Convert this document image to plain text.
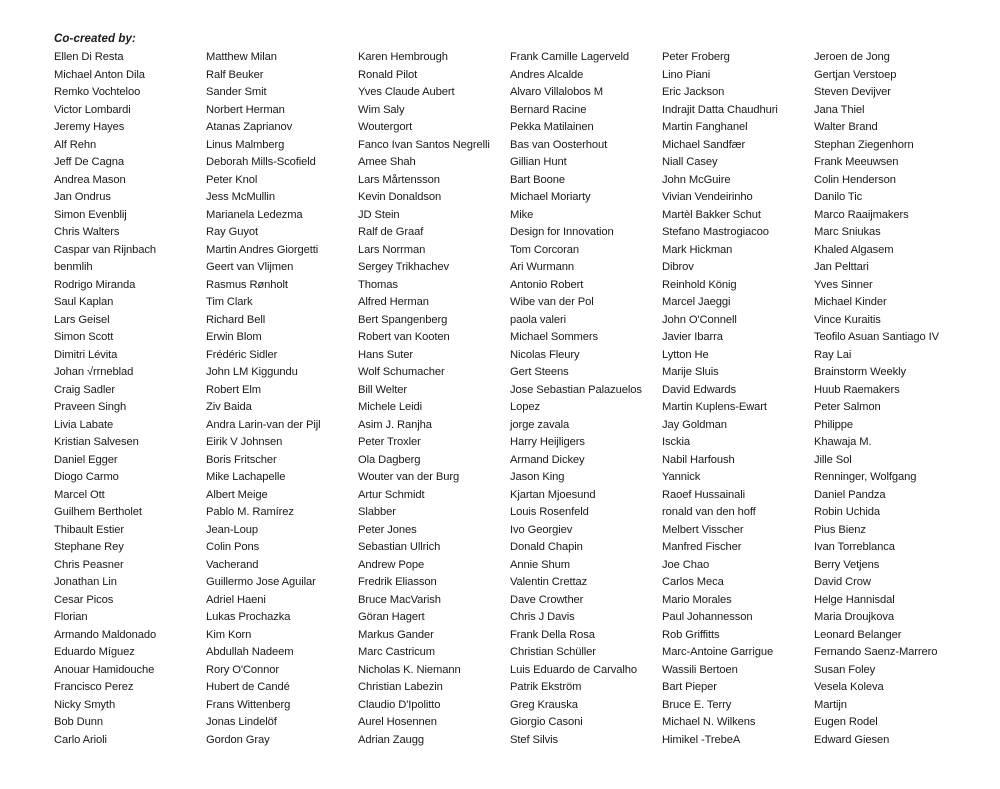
Co-created by:
Ellen Di Resta
Michael Anton Dila
Remko Vochteloo
Victor Lombardi
Jeremy Hayes
Alf Rehn
Jeff De Cagna
Andrea Mason
Jan Ondrus
Simon Evenblij
Chris Walters
Caspar van Rijnbach
benmlih
Rodrigo Miranda
Saul Kaplan
Lars Geisel
Simon Scott
Dimitri Lévita
Johan √rrneblad
Craig Sadler
Praveen Singh
Livia Labate
Kristian Salvesen
Daniel Egger
Diogo Carmo
Marcel Ott
Guilhem Bertholet
Thibault Estier
Stephane Rey
Chris Peasner
Jonathan Lin
Cesar Picos
Florian
Armando Maldonado
Eduardo Míguez
Anouar Hamidouche
Francisco Perez
Nicky Smyth
Bob Dunn
Carlo Arioli
Matthew Milan
Ralf Beuker
Sander Smit
Norbert Herman
Atanas Zaprianov
Linus Malmberg
Deborah Mills-Scofield
Peter Knol
Jess McMullin
Marianela Ledezma
Ray Guyot
Martin Andres Giorgetti
Geert van Vlijmen
Rasmus Rønholt
Tim Clark
Richard Bell
Erwin Blom
Frédéric Sidler
John LM Kiggundu
Robert Elm
Ziv Baida
Andra Larin-van der Pijl
Eirik V Johnsen
Boris Fritscher
Mike Lachapelle
Albert Meige
Pablo M. Ramírez
Jean-Loup
Colin Pons
Vacherand
Guillermo Jose Aguilar
Adriel Haeni
Lukas Prochazka
Kim Korn
Abdullah Nadeem
Rory O'Connor
Hubert de Candé
Frans Wittenberg
Jonas Lindelöf
Gordon Gray
Karen Hembrough
Ronald Pilot
Yves Claude Aubert
Wim Saly
Woutergort
Fanco Ivan Santos Negrelli
Amee Shah
Lars Mårtensson
Kevin Donaldson
JD Stein
Ralf de Graaf
Lars Norrman
Sergey Trikhachev
Thomas
Alfred Herman
Bert Spangenberg
Robert van Kooten
Hans Suter
Wolf Schumacher
Bill Welter
Michele Leidi
Asim J. Ranjha
Peter Troxler
Ola Dagberg
Wouter van der Burg
Artur Schmidt
Slabber
Peter Jones
Sebastian Ullrich
Andrew Pope
Fredrik Eliasson
Bruce MacVarish
Göran Hagert
Markus Gander
Marc Castricum
Nicholas K. Niemann
Christian Labezin
Claudio D'Ipolitto
Aurel Hosennen
Adrian Zaugg
Frank Camille Lagerveld
Andres Alcalde
Alvaro Villalobos M
Bernard Racine
Pekka Matilainen
Bas van Oosterhout
Gillian Hunt
Bart Boone
Michael Moriarty
Mike
Design for Innovation
Tom Corcoran
Ari Wurmann
Antonio Robert
Wibe van der Pol
paola valeri
Michael Sommers
Nicolas Fleury
Gert Steens
Jose Sebastian Palazuelos
Lopez
jorge zavala
Harry Heijligers
Armand Dickey
Jason King
Kjartan Mjoesund
Louis Rosenfeld
Ivo Georgiev
Donald Chapin
Annie Shum
Valentin Crettaz
Dave Crowther
Chris J Davis
Frank Della Rosa
Christian Schüller
Luis Eduardo de Carvalho
Patrik Ekström
Greg Krauska
Giorgio Casoni
Stef Silvis
Peter Froberg
Lino Piani
Eric Jackson
Indrajit Datta Chaudhuri
Martin Fanghanel
Michael Sandfær
Niall Casey
John McGuire
Vivian Vendeirinho
Martèl Bakker Schut
Stefano Mastrogiacoo
Mark Hickman
Dibrov
Reinhold König
Marcel Jaeggi
John O'Connell
Javier Ibarra
Lytton He
Marije Sluis
David Edwards
Martin Kuplens-Ewart
Jay Goldman
Isckia
Nabil Harfoush
Yannick
Raoef Hussainali
ronald van den hoff
Melbert Visscher
Manfred Fischer
Joe Chao
Carlos Meca
Mario Morales
Paul Johannesson
Rob Griffitts
Marc-Antoine Garrigue
Wassili Bertoen
Bart Pieper
Bruce E. Terry
Michael N. Wilkens
Himikel -TrebeA
Jeroen de Jong
Gertjan Verstoep
Steven Devijver
Jana Thiel
Walter Brand
Stephan Ziegenhorn
Frank Meeuwsen
Colin Henderson
Danilo Tic
Marco Raaijmakers
Marc Sniukas
Khaled Algasem
Jan Pelttari
Yves Sinner
Michael Kinder
Vince Kuraitis
Teofilo Asuan Santiago IV
Ray Lai
Brainstorm Weekly
Huub Raemakers
Peter Salmon
Philippe
Khawaja M.
Jille Sol
Renninger, Wolfgang
Daniel Pandza
Robin Uchida
Pius Bienz
Ivan Torreblanca
Berry Vetjens
David Crow
Helge Hannisdal
Maria Droujkova
Leonard Belanger
Fernando Saenz-Marrero
Susan Foley
Vesela Koleva
Martijn
Eugen Rodel
Edward Giesen
